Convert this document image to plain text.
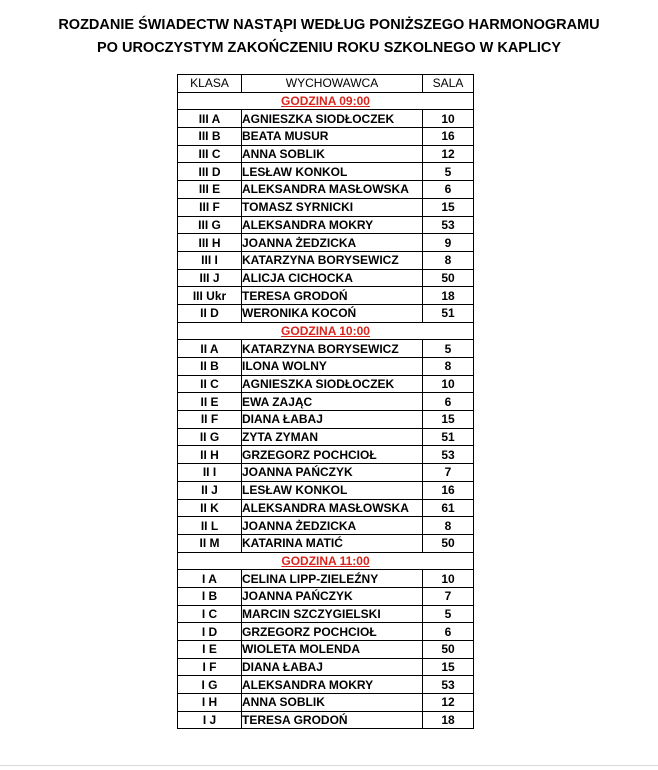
ROZDANIE ŚWIADECTW NASTĄPI WEDŁUG PONIŻSZEGO HARMONOGRAMU
PO UROCZYSTYM ZAKOŃCZENIU ROKU SZKOLNEGO W KAPLICY
KLASA	WYCHOWAWCA	SALA
GODZINA 09:00		
III A	AGNIESZKA SIODŁOCZEK	10
III B	BEATA MUSUR	16
III C	ANNA SOBLIK	12
III D	LESŁAW KONKOL	5
III E	ALEKSANDRA MASŁOWSKA	6
III F	TOMASZ SYRNICKI	15
III G	ALEKSANDRA MOKRY	53
III H	JOANNA ŻEDZICKA	9
III I	KATARZYNA BORYSEWICZ	8
III J	ALICJA CICHOCKA	50
III Ukr	TERESA GRODOŃ	18
II D	WERONIKA KOCOŃ	51
GODZINA 10:00		
II A	KATARZYNA BORYSEWICZ	5
II B	ILONA WOLNY	8
II C	AGNIESZKA SIODŁOCZEK	10
II E	EWA ZAJĄC	6
II F	DIANA ŁABAJ	15
II G	ZYTA ZYMAN	51
II H	GRZEGORZ POCHCIOŁ	53
II I	JOANNA PAŃCZYK	7
II J	LESŁAW KONKOL	16
II K	ALEKSANDRA MASŁOWSKA	61
II L	JOANNA ŻEDZICKA	8
II M	KATARINA MATIĆ	50
GODZINA 11:00		
I A	CELINA LIPP-ZIELEŹNY	10
I B	JOANNA PAŃCZYK	7
I C	MARCIN SZCZYGIELSKI	5
I D	GRZEGORZ POCHCIOŁ	6
I E	WIOLETA MOLENDA	50
I F	DIANA ŁABAJ	15
I G	ALEKSANDRA MOKRY	53
I H	ANNA SOBLIK	12
I J	TERESA GRODOŃ	18
